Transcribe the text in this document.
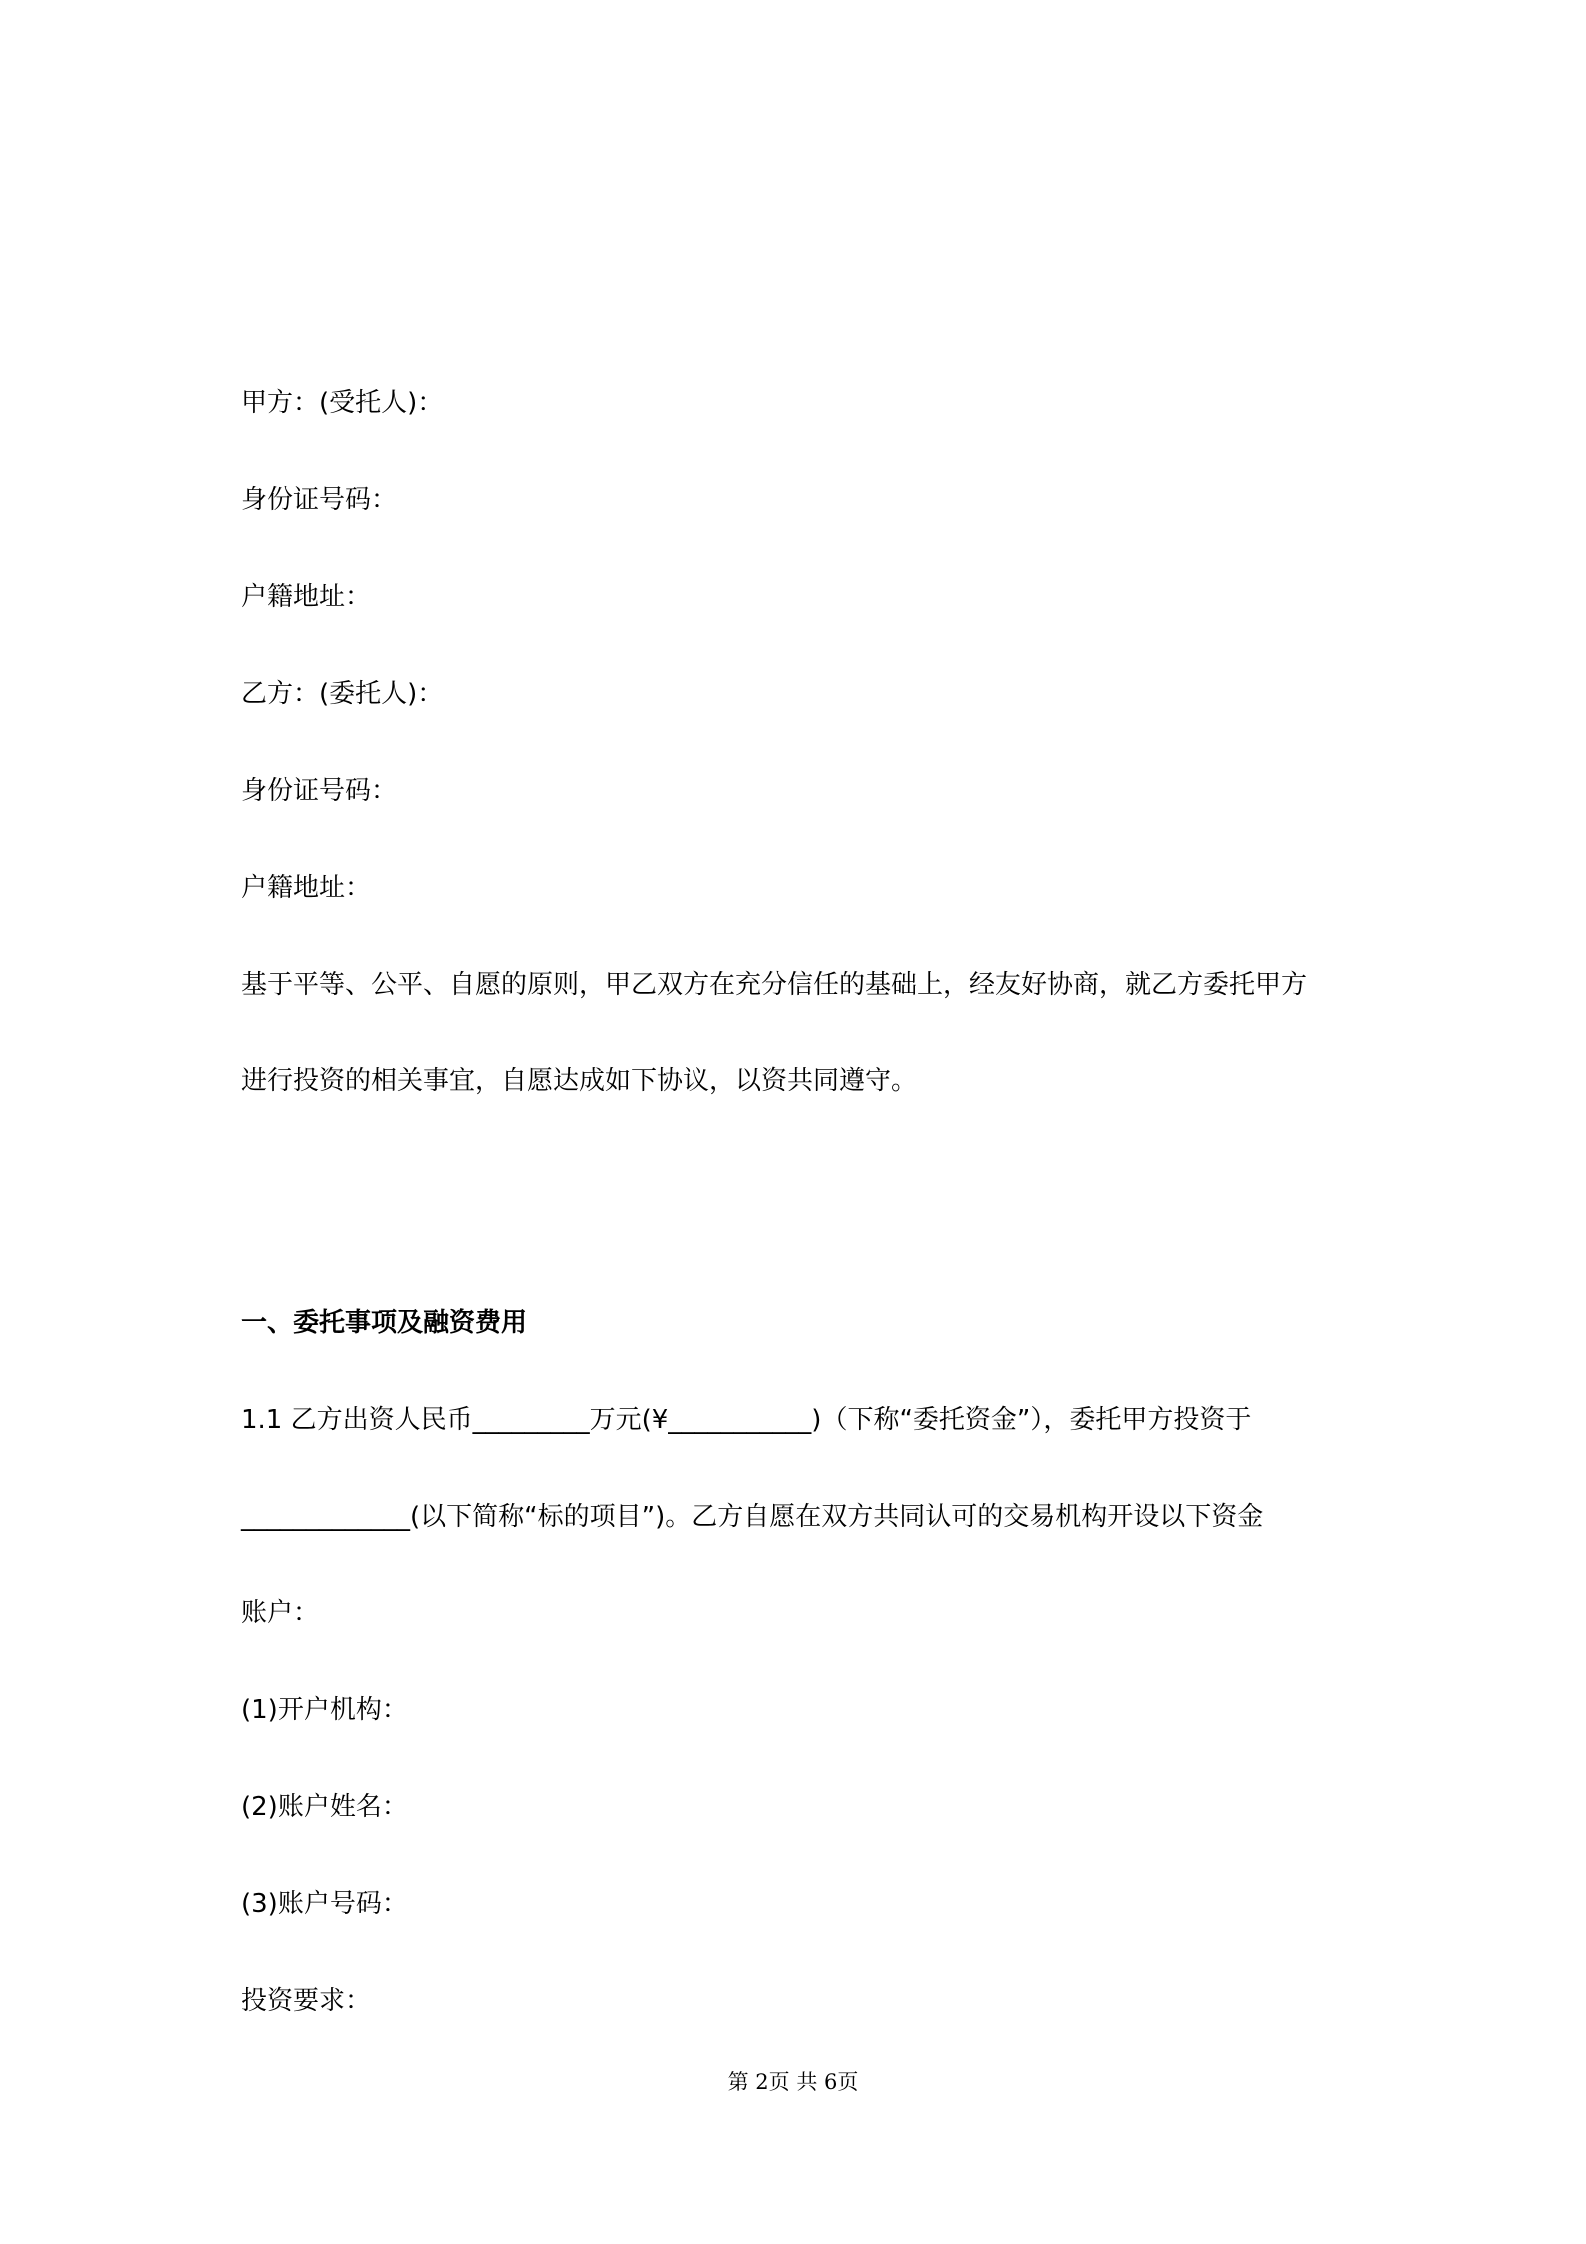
甲方：(受托人)：
身份证号码：
户籍地址：
乙方：(委托人)：
身份证号码：
户籍地址：
基于平等、公平、自愿的原则，甲乙双方在充分信任的基础上，经友好协商，就乙方委托甲方
进行投资的相关事宜，自愿达成如下协议，以资共同遵守。
一、委托事项及融资费用
1.1 乙方出资人民币_________万元(¥___________)（下称“委托资金”），委托甲方投资于
_____________(以下简称“标的项目”)。乙方自愿在双方共同认可的交易机构开设以下资金
账户：
(1)开户机构：
(2)账户姓名：
(3)账户号码：
投资要求：
第 2页 共 6页
